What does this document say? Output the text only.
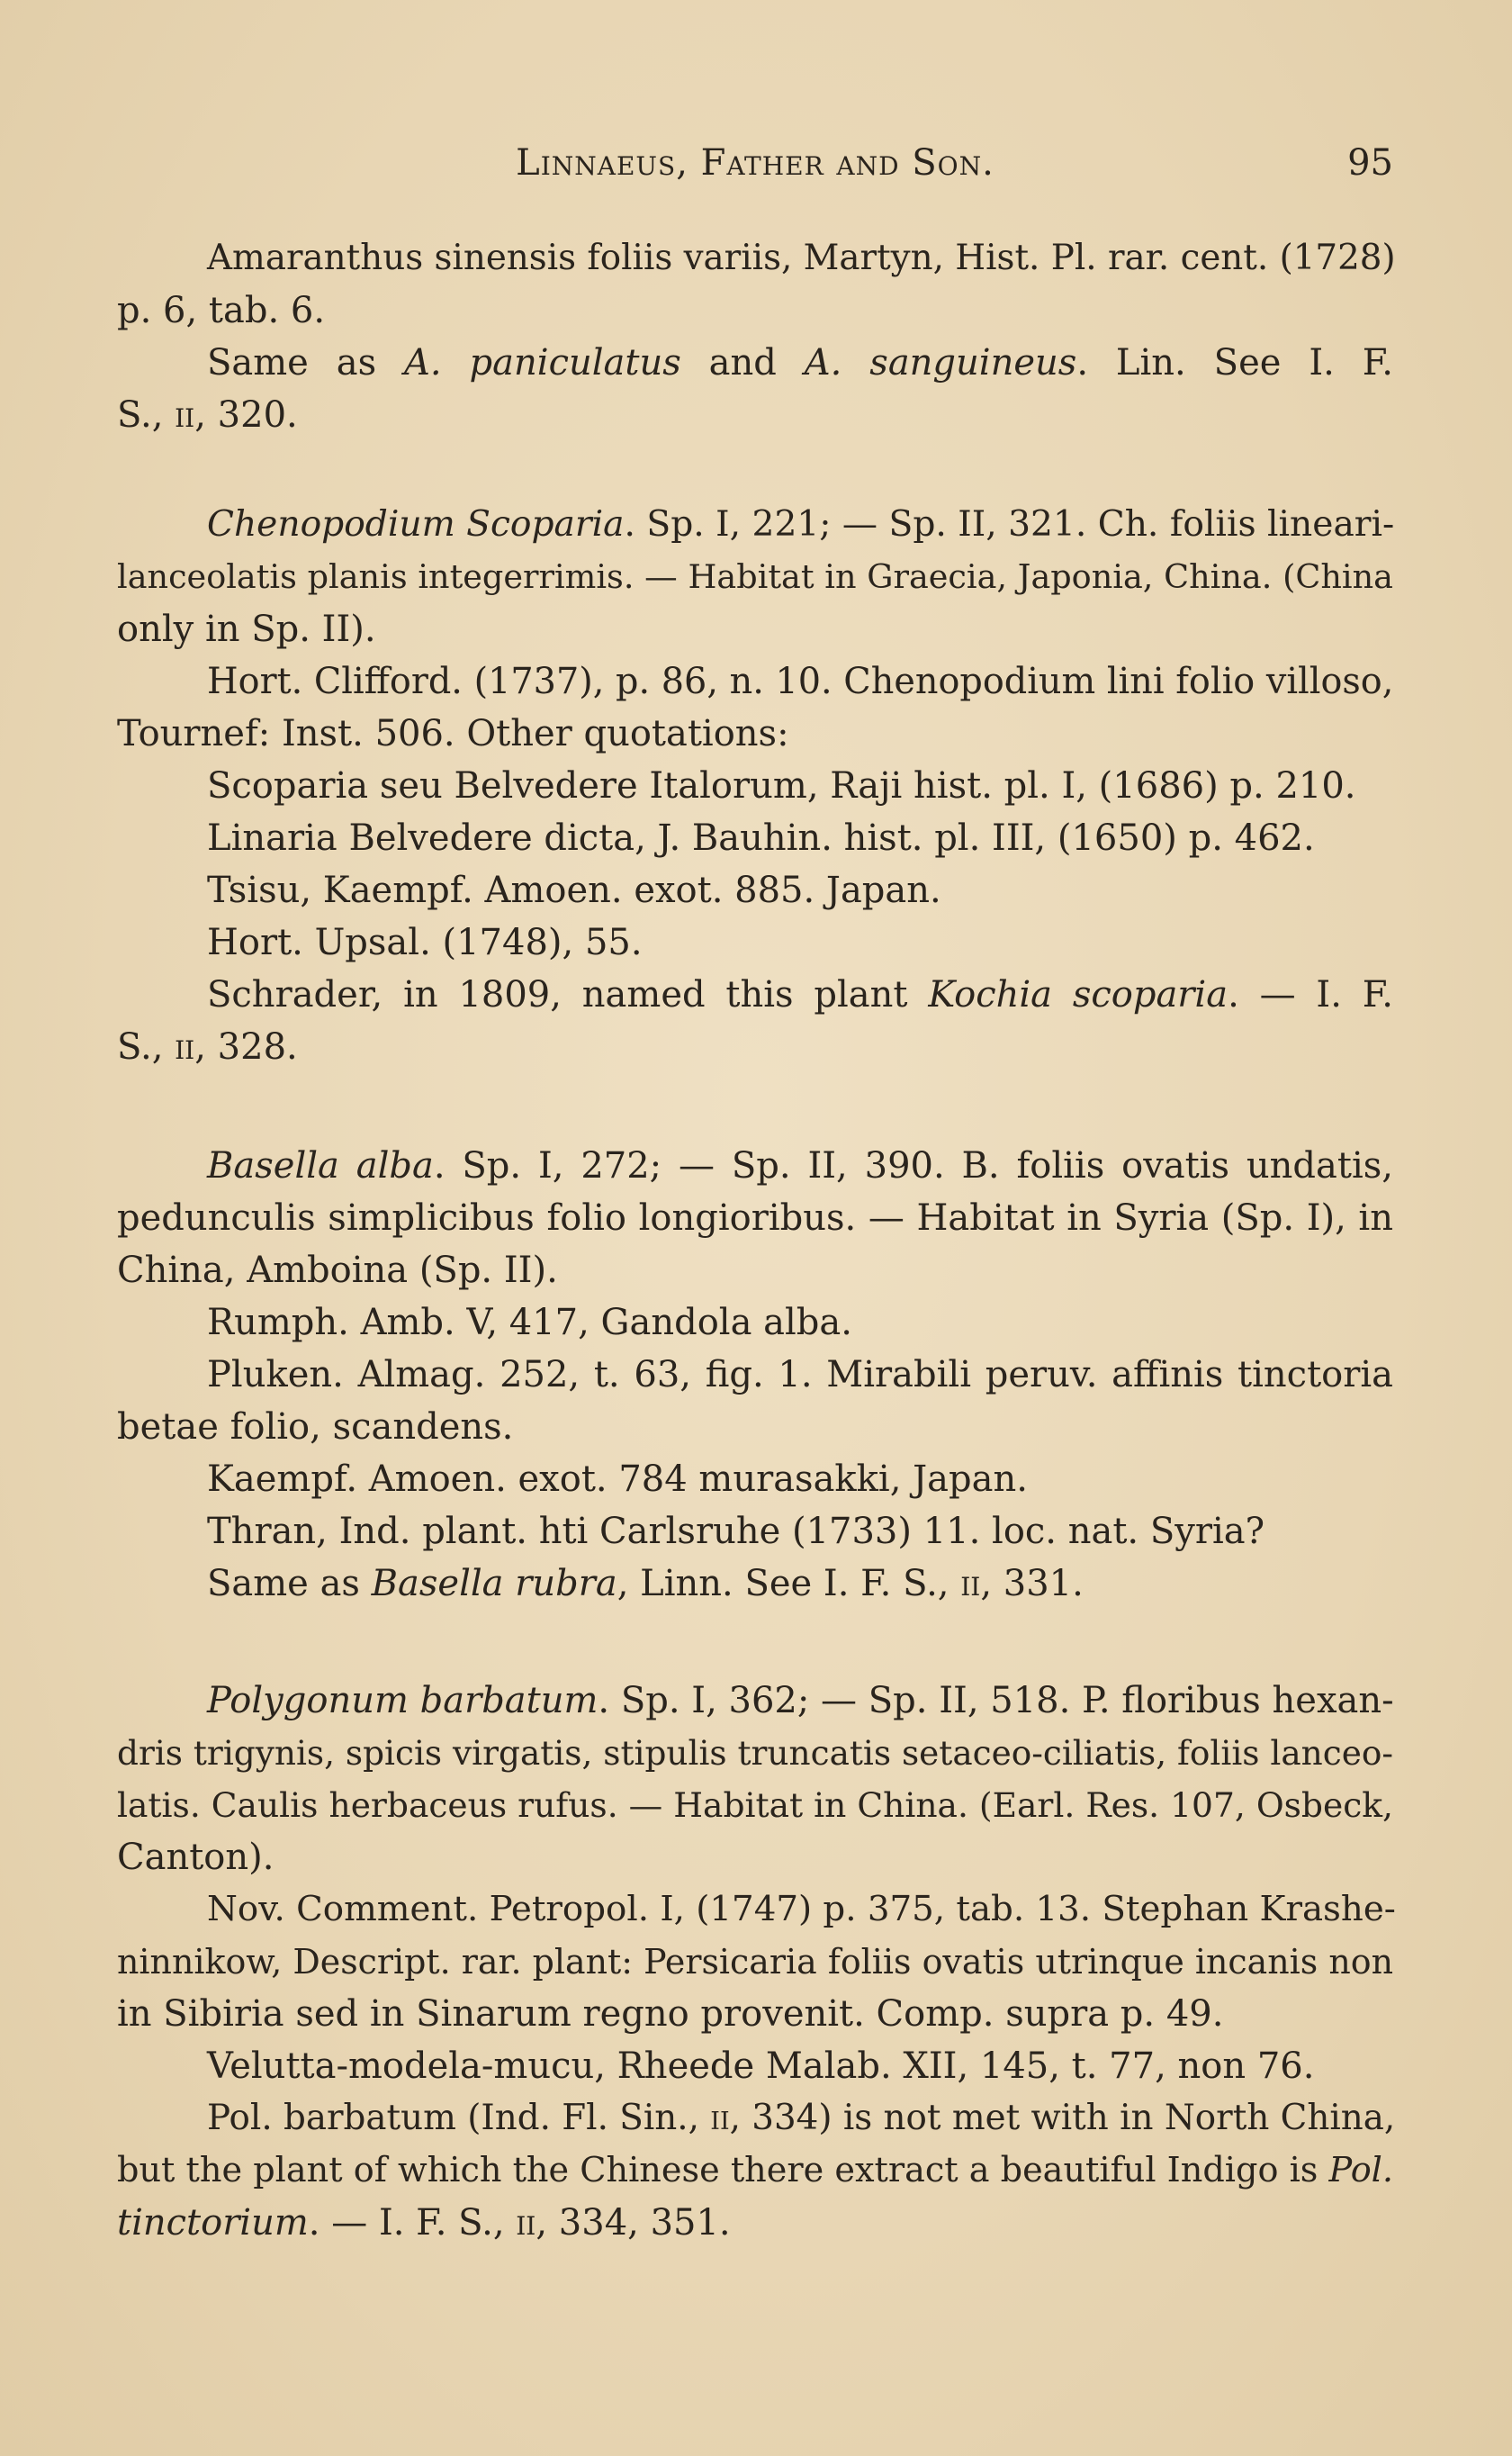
Linnaeus, Father and Son.	95
Amaranthus sinensis foliis variis, Martyn, Hist. Pl. rar. cent. (1728)
p. 6, tab. 6.
Same as A. paniculatus and A. sanguineus. Lin. See I. F.
S., ii, 320.
Chenopodium Scoparia. Sp. I, 221; — Sp. II, 321. Ch. foliis lineari-
lanceolatis planis integerrimis. — Habitat in Graecia, Japonia, China. (China
only in Sp. II).
Hort. Clifford. (1737), p. 86, n. 10. Chenopodium lini folio villoso,
Tournef: Inst. 506. Other quotations:
Scoparia seu Belvedere Italorum, Raji hist. pl. I, (1686) p. 210.
Linaria Belvedere dicta, J. Bauhin. hist. pl. III, (1650) p. 462.
Tsisu, Kaempf. Amoen. exot. 885. Japan.
Hort. Upsal. (1748), 55.
Schrader, in 1809, named this plant Kochia scoparia. — I. F.
S., ii, 328.
Basella alba. Sp. I, 272; — Sp. II, 390. B. foliis ovatis undatis,
pedunculis simplicibus folio longioribus. — Habitat in Syria (Sp. I), in
China, Amboina (Sp. II).
Rumph. Amb. V, 417, Gandola alba.
Pluken. Almag. 252, t. 63, fig. 1. Mirabili peruv. affinis tinctoria
betae folio, scandens.
Kaempf. Amoen. exot. 784 murasakki, Japan.
Thran, Ind. plant. hti Carlsruhe (1733) 11. loc. nat. Syria?
Same as Basella rubra, Linn. See I. F. S., ii, 331.
Polygonum barbatum. Sp. I, 362; — Sp. II, 518. P. floribus hexan-
dris trigynis, spicis virgatis, stipulis truncatis setaceo-ciliatis, foliis lanceo-
latis. Caulis herbaceus rufus. — Habitat in China. (Earl. Res. 107, Osbeck,
Canton).
Nov. Comment. Petropol. I, (1747) p. 375, tab. 13. Stephan Krashe-
ninnikow, Descript. rar. plant: Persicaria foliis ovatis utrinque incanis non
in Sibiria sed in Sinarum regno provenit. Comp. supra p. 49.
Velutta-modela-mucu, Rheede Malab. XII, 145, t. 77, non 76.
Pol. barbatum (Ind. Fl. Sin., ii, 334) is not met with in North China,
but the plant of which the Chinese there extract a beautiful Indigo is Pol.
tinctorium. — I. F. S., ii, 334, 351.
